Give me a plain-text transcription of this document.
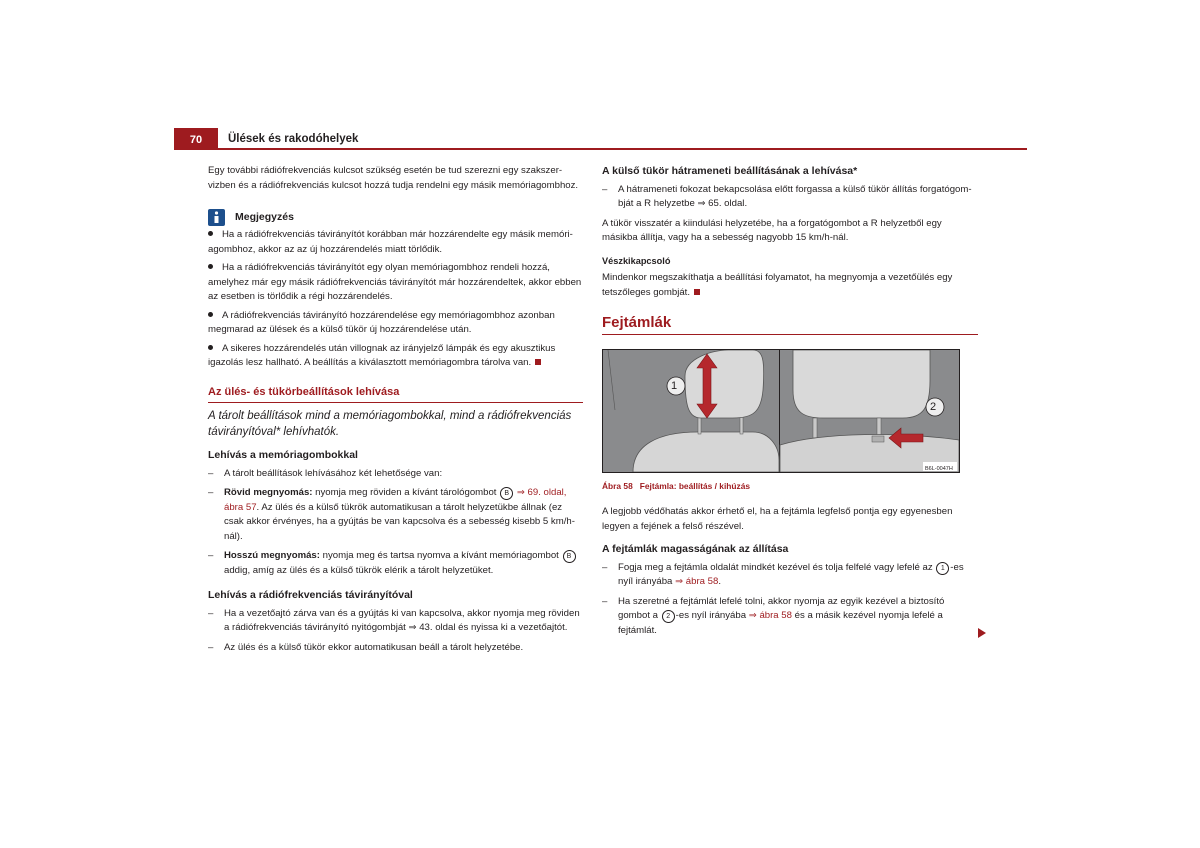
70	Ülések és rakodóhelyek

Egy további rádiófrekvenciás kulcsot szükség esetén be tud szerezni egy szakszervizben és a rádiófrekvenciás kulcsot hozzá tudja rendelni egy másik memóriagombhoz.

Megjegyzés
Ha a rádiófrekvenciás távirányítót korábban már hozzárendelte egy másik memóriagombhoz, akkor az az új hozzárendelés miatt törlődik.
Ha a rádiófrekvenciás távirányítót egy olyan memóriagombhoz rendeli hozzá, amelyhez már egy másik rádiófrekvenciás távirányítót már hozzárendeltek, akkor ebben az esetben is törlődik a régi hozzárendelés.
A rádiófrekvenciás távirányító hozzárendelése egy memóriagombhoz azonban megmarad az ülések és a külső tükör új hozzárendelése után.
A sikeres hozzárendelés után villognak az irányjelző lámpák és egy akusztikus igazolás lesz hallható. A beállítás a kiválasztott memóriagombra tárolva van.
Az ülés- és tükörbeállítások lehívása

A tárolt beállítások mind a memóriagombokkal, mind a rádiófrekvenciás távirányítóval* lehívhatók.

Lehívás a memóriagombokkal
– A tárolt beállítások lehívásához két lehetősége van:
– Rövid megnyomás: nyomja meg röviden a kívánt tárológombot B ⇒ 69. oldal, ábra 57. Az ülés és a külső tükrök automatikusan a tárolt helyzetükbe állnak (ez csak akkor érvényes, ha a gyújtás be van kapcsolva és a sebesség kisebb 5 km/h-nál).
– Hosszú megnyomás: nyomja meg és tartsa nyomva a kívánt memóriagombot B addig, amíg az ülés és a külső tükrök elérik a tárolt helyzetüket.
Lehívás a rádiófrekvenciás távirányítóval
– Ha a vezetőajtó zárva van és a gyújtás ki van kapcsolva, akkor nyomja meg röviden a rádiófrekvenciás távirányító nyitógombját ⇒ 43. oldal és nyissa ki a vezetőajtót.
– Az ülés és a külső tükör ekkor automatikusan beáll a tárolt helyzetébe.
A külső tükör hátrameneti beállításának a lehívása*
– A hátrameneti fokozat bekapcsolása előtt forgassa a külső tükör állítás forgatógombját a R helyzetbe ⇒ 65. oldal.

A tükör visszatér a kiindulási helyzetébe, ha a forgatógombot a R helyzetből egy másikba állítja, vagy ha a sebesség nagyobb 15 km/h-nál.

Vészkikapcsoló

Mindenkor megszakíthatja a beállítási folyamatot, ha megnyomja a vezetőülés egy tetszőleges gombját.

Fejtámlák
1
2
B6L-0047H
Ábra 58 Fejtámla: beállítás / kihúzás

A legjobb védőhatás akkor érhető el, ha a fejtámla legfelső pontja egy egyenesben legyen a fejének a felső részével.

A fejtámlák magasságának az állítása
– Fogja meg a fejtámla oldalát mindkét kezével és tolja felfelé vagy lefelé az 1 -es nyíl irányába ⇒ ábra 58.
– Ha szeretné a fejtámlát lefelé tolni, akkor nyomja az egyik kezével a biztosító gombot a 2 -es nyíl irányába ⇒ ábra 58 és a másik kezével nyomja lefelé a fejtámlát.
